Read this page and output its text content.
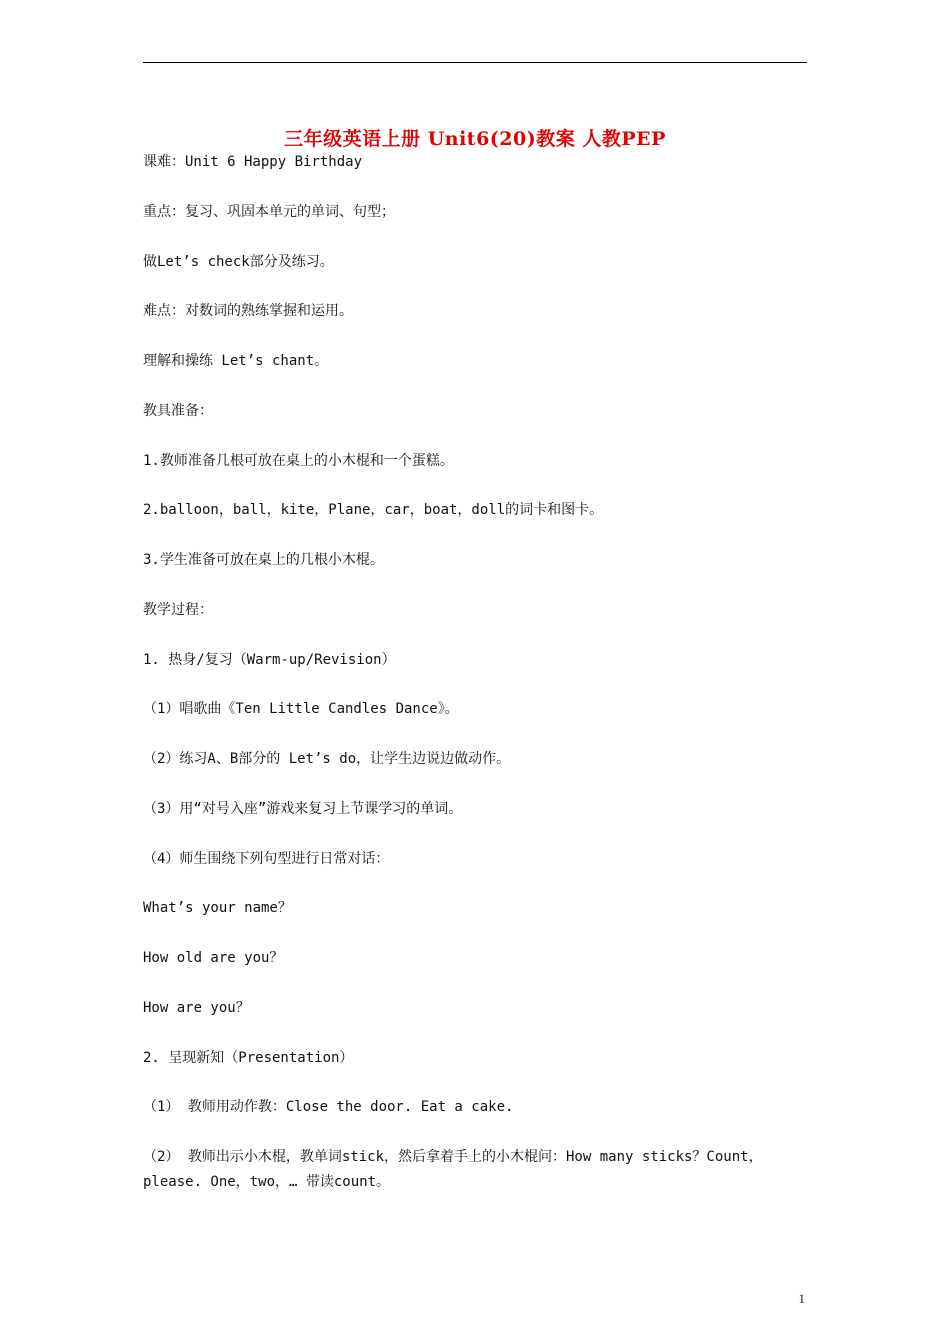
三年级英语上册 Unit6(20)教案 人教PEP
课难：Unit 6 Happy Birthday
重点：复习、巩固本单元的单词、句型；
做Let’s check部分及练习。
难点：对数词的熟练掌握和运用。
理解和操练 Let’s chant。
教具准备：
1.教师准备几根可放在桌上的小木棍和一个蛋糕。
2.balloon，ball，kite，Plane，car，boat，doll的词卡和图卡。
3.学生准备可放在桌上的几根小木棍。
教学过程：
1. 热身/复习（Warm-up/Revision）
（1）唱歌曲《Ten Little Candles Dance》。
（2）练习A、B部分的 Let’s do，让学生边说边做动作。
（3）用“对号入座”游戏来复习上节课学习的单词。
（4）师生围绕下列句型进行日常对话：
What’s your name？
How old are you？
How are you？
2. 呈现新知（Presentation）
（1） 教师用动作教：Close the door. Eat a cake.
（2） 教师出示小木棍，教单词stick，然后拿着手上的小木棍问：How many sticks？Count，please. One，two，… 带读count。
1
